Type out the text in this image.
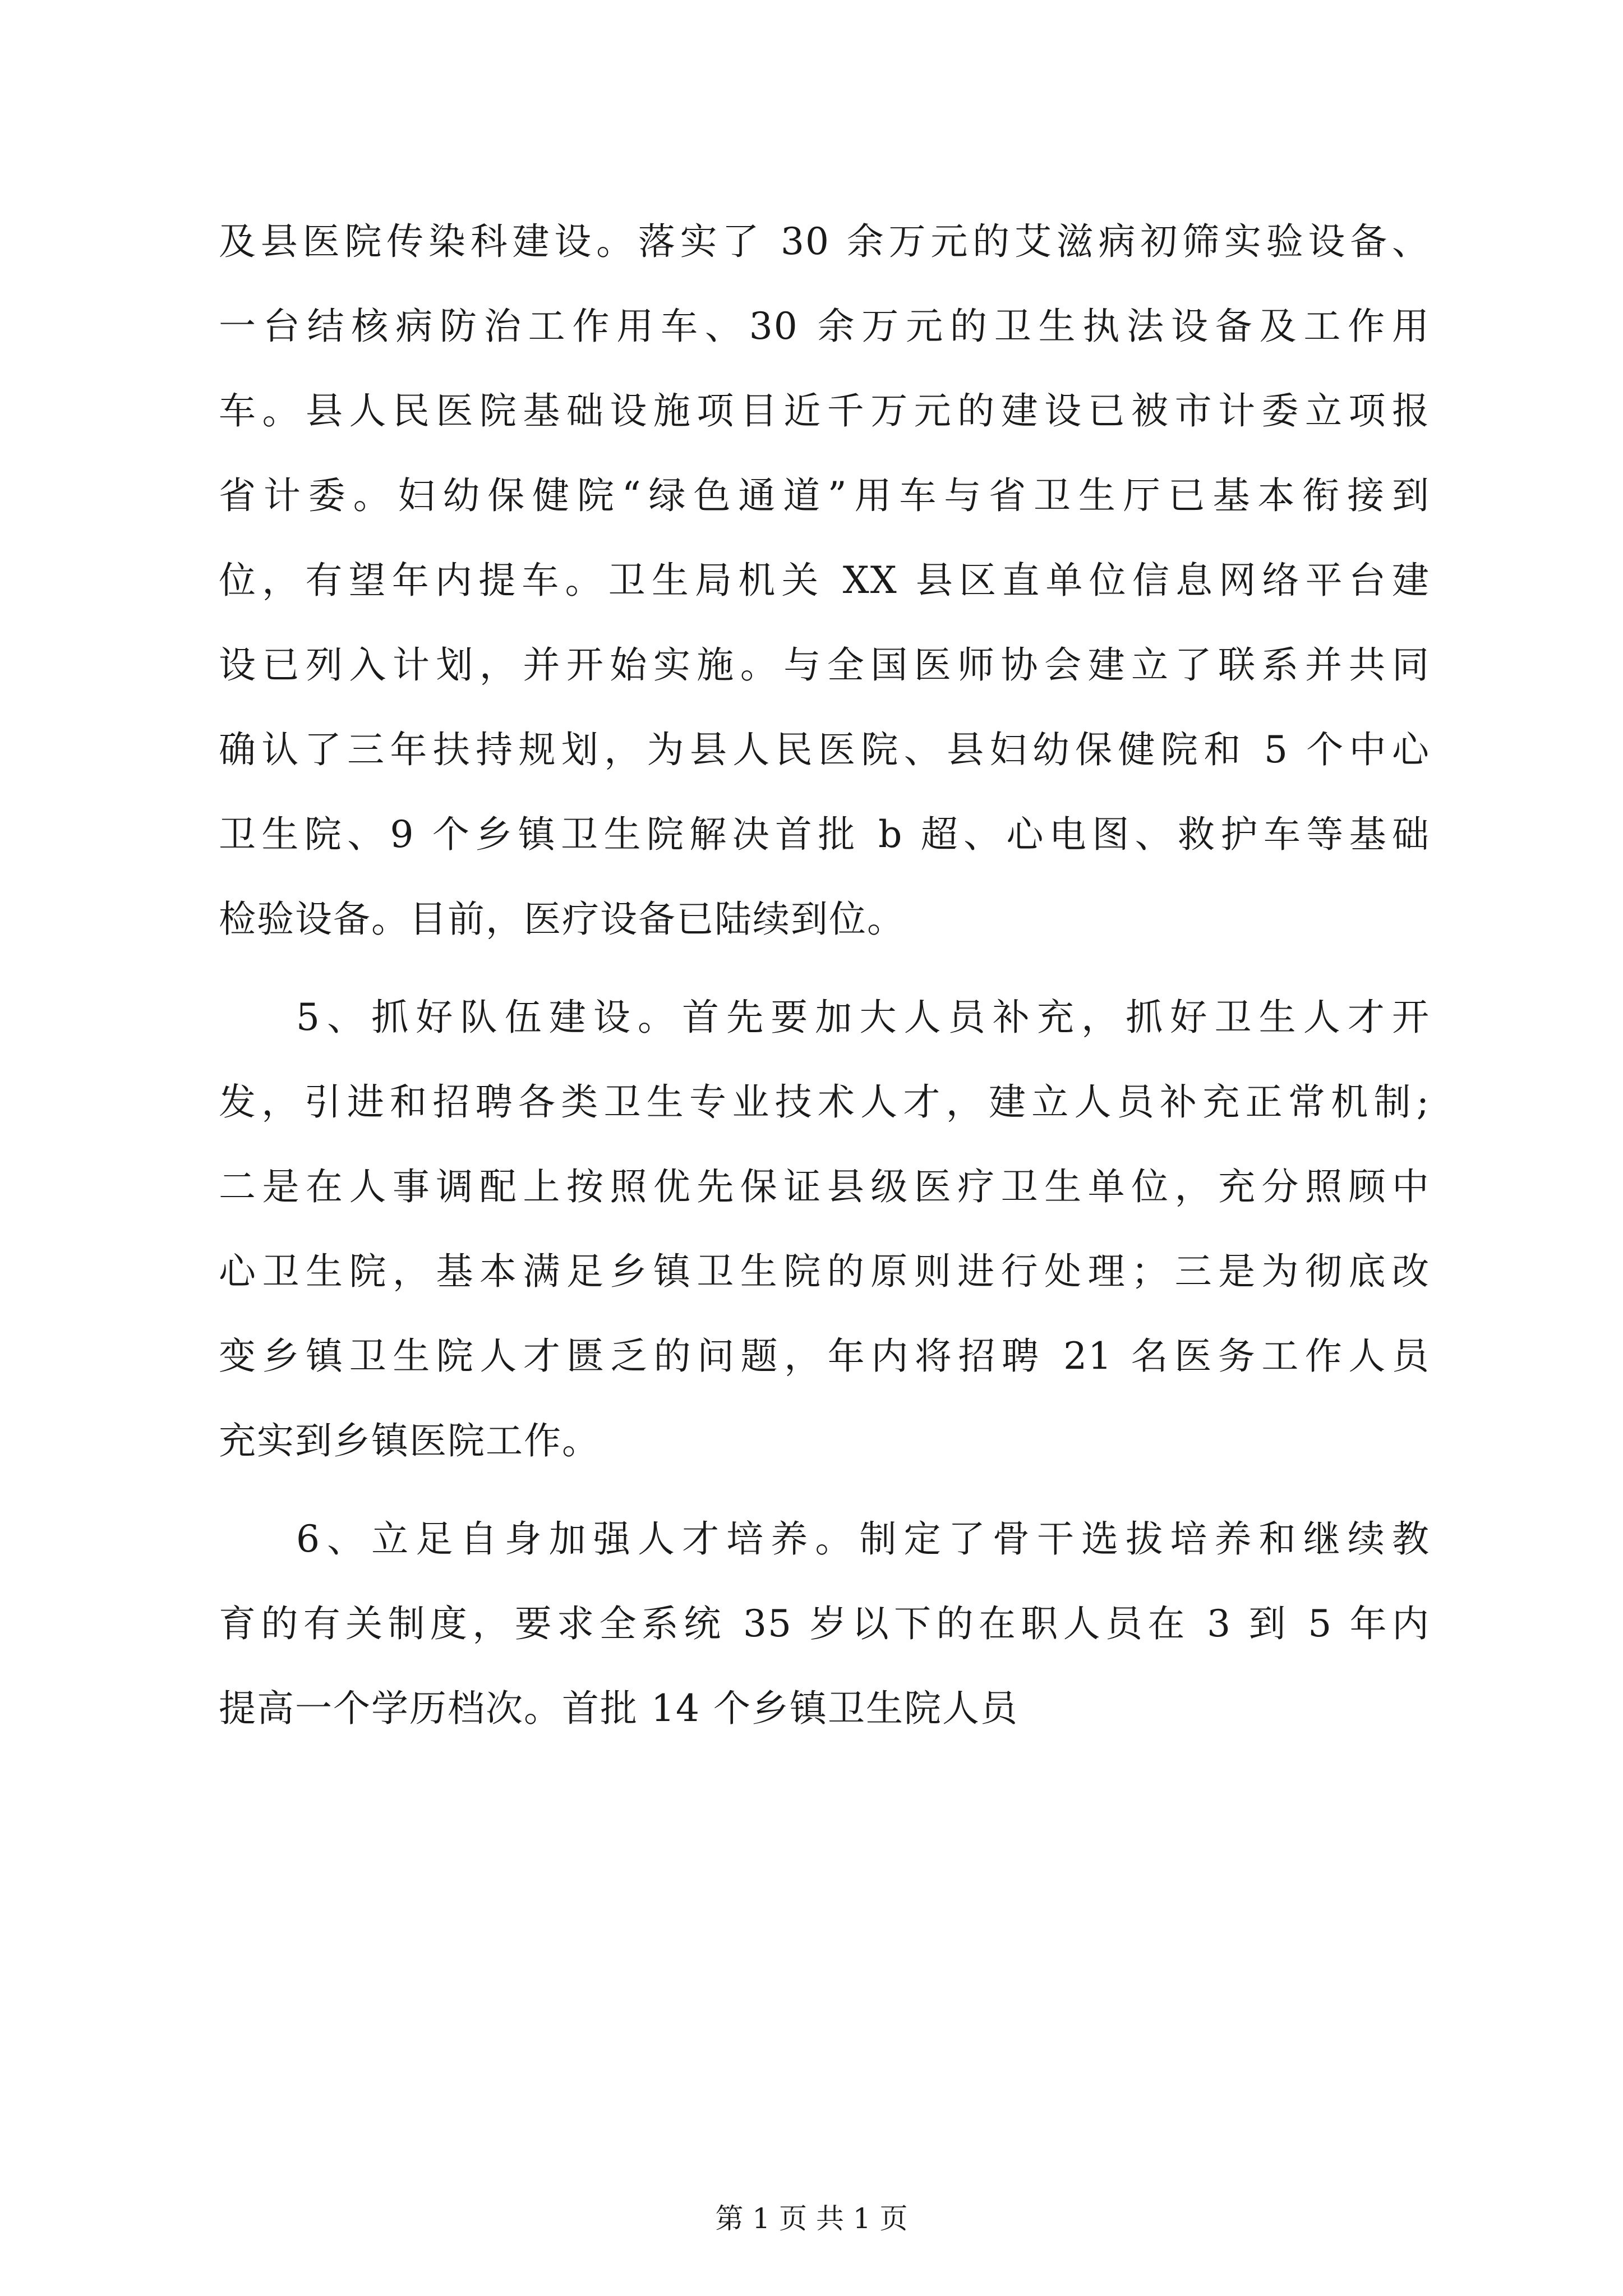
及县医院传染科建设。落实了 30 余万元的艾滋病初筛实验设备、
一台结核病防治工作用车、30 余万元的卫生执法设备及工作用
车。县人民医院基础设施项目近千万元的建设已被市计委立项报
省计委。妇幼保健院“绿色通道”用车与省卫生厅已基本衔接到
位，有望年内提车。卫生局机关 XX 县区直单位信息网络平台建
设已列入计划，并开始实施。与全国医师协会建立了联系并共同
确认了三年扶持规划，为县人民医院、县妇幼保健院和 5 个中心
卫生院、9 个乡镇卫生院解决首批 b 超、心电图、救护车等基础
检验设备。目前，医疗设备已陆续到位。

5、抓好队伍建设。首先要加大人员补充，抓好卫生人才开
发，引进和招聘各类卫生专业技术人才，建立人员补充正常机制;
二是在人事调配上按照优先保证县级医疗卫生单位，充分照顾中
心卫生院，基本满足乡镇卫生院的原则进行处理；三是为彻底改
变乡镇卫生院人才匮乏的问题，年内将招聘 21 名医务工作人员
充实到乡镇医院工作。

6、立足自身加强人才培养。制定了骨干选拔培养和继续教
育的有关制度，要求全系统 35 岁以下的在职人员在 3 到 5 年内
提高一个学历档次。首批 14 个乡镇卫生院人员

第 1 页 共 1 页
